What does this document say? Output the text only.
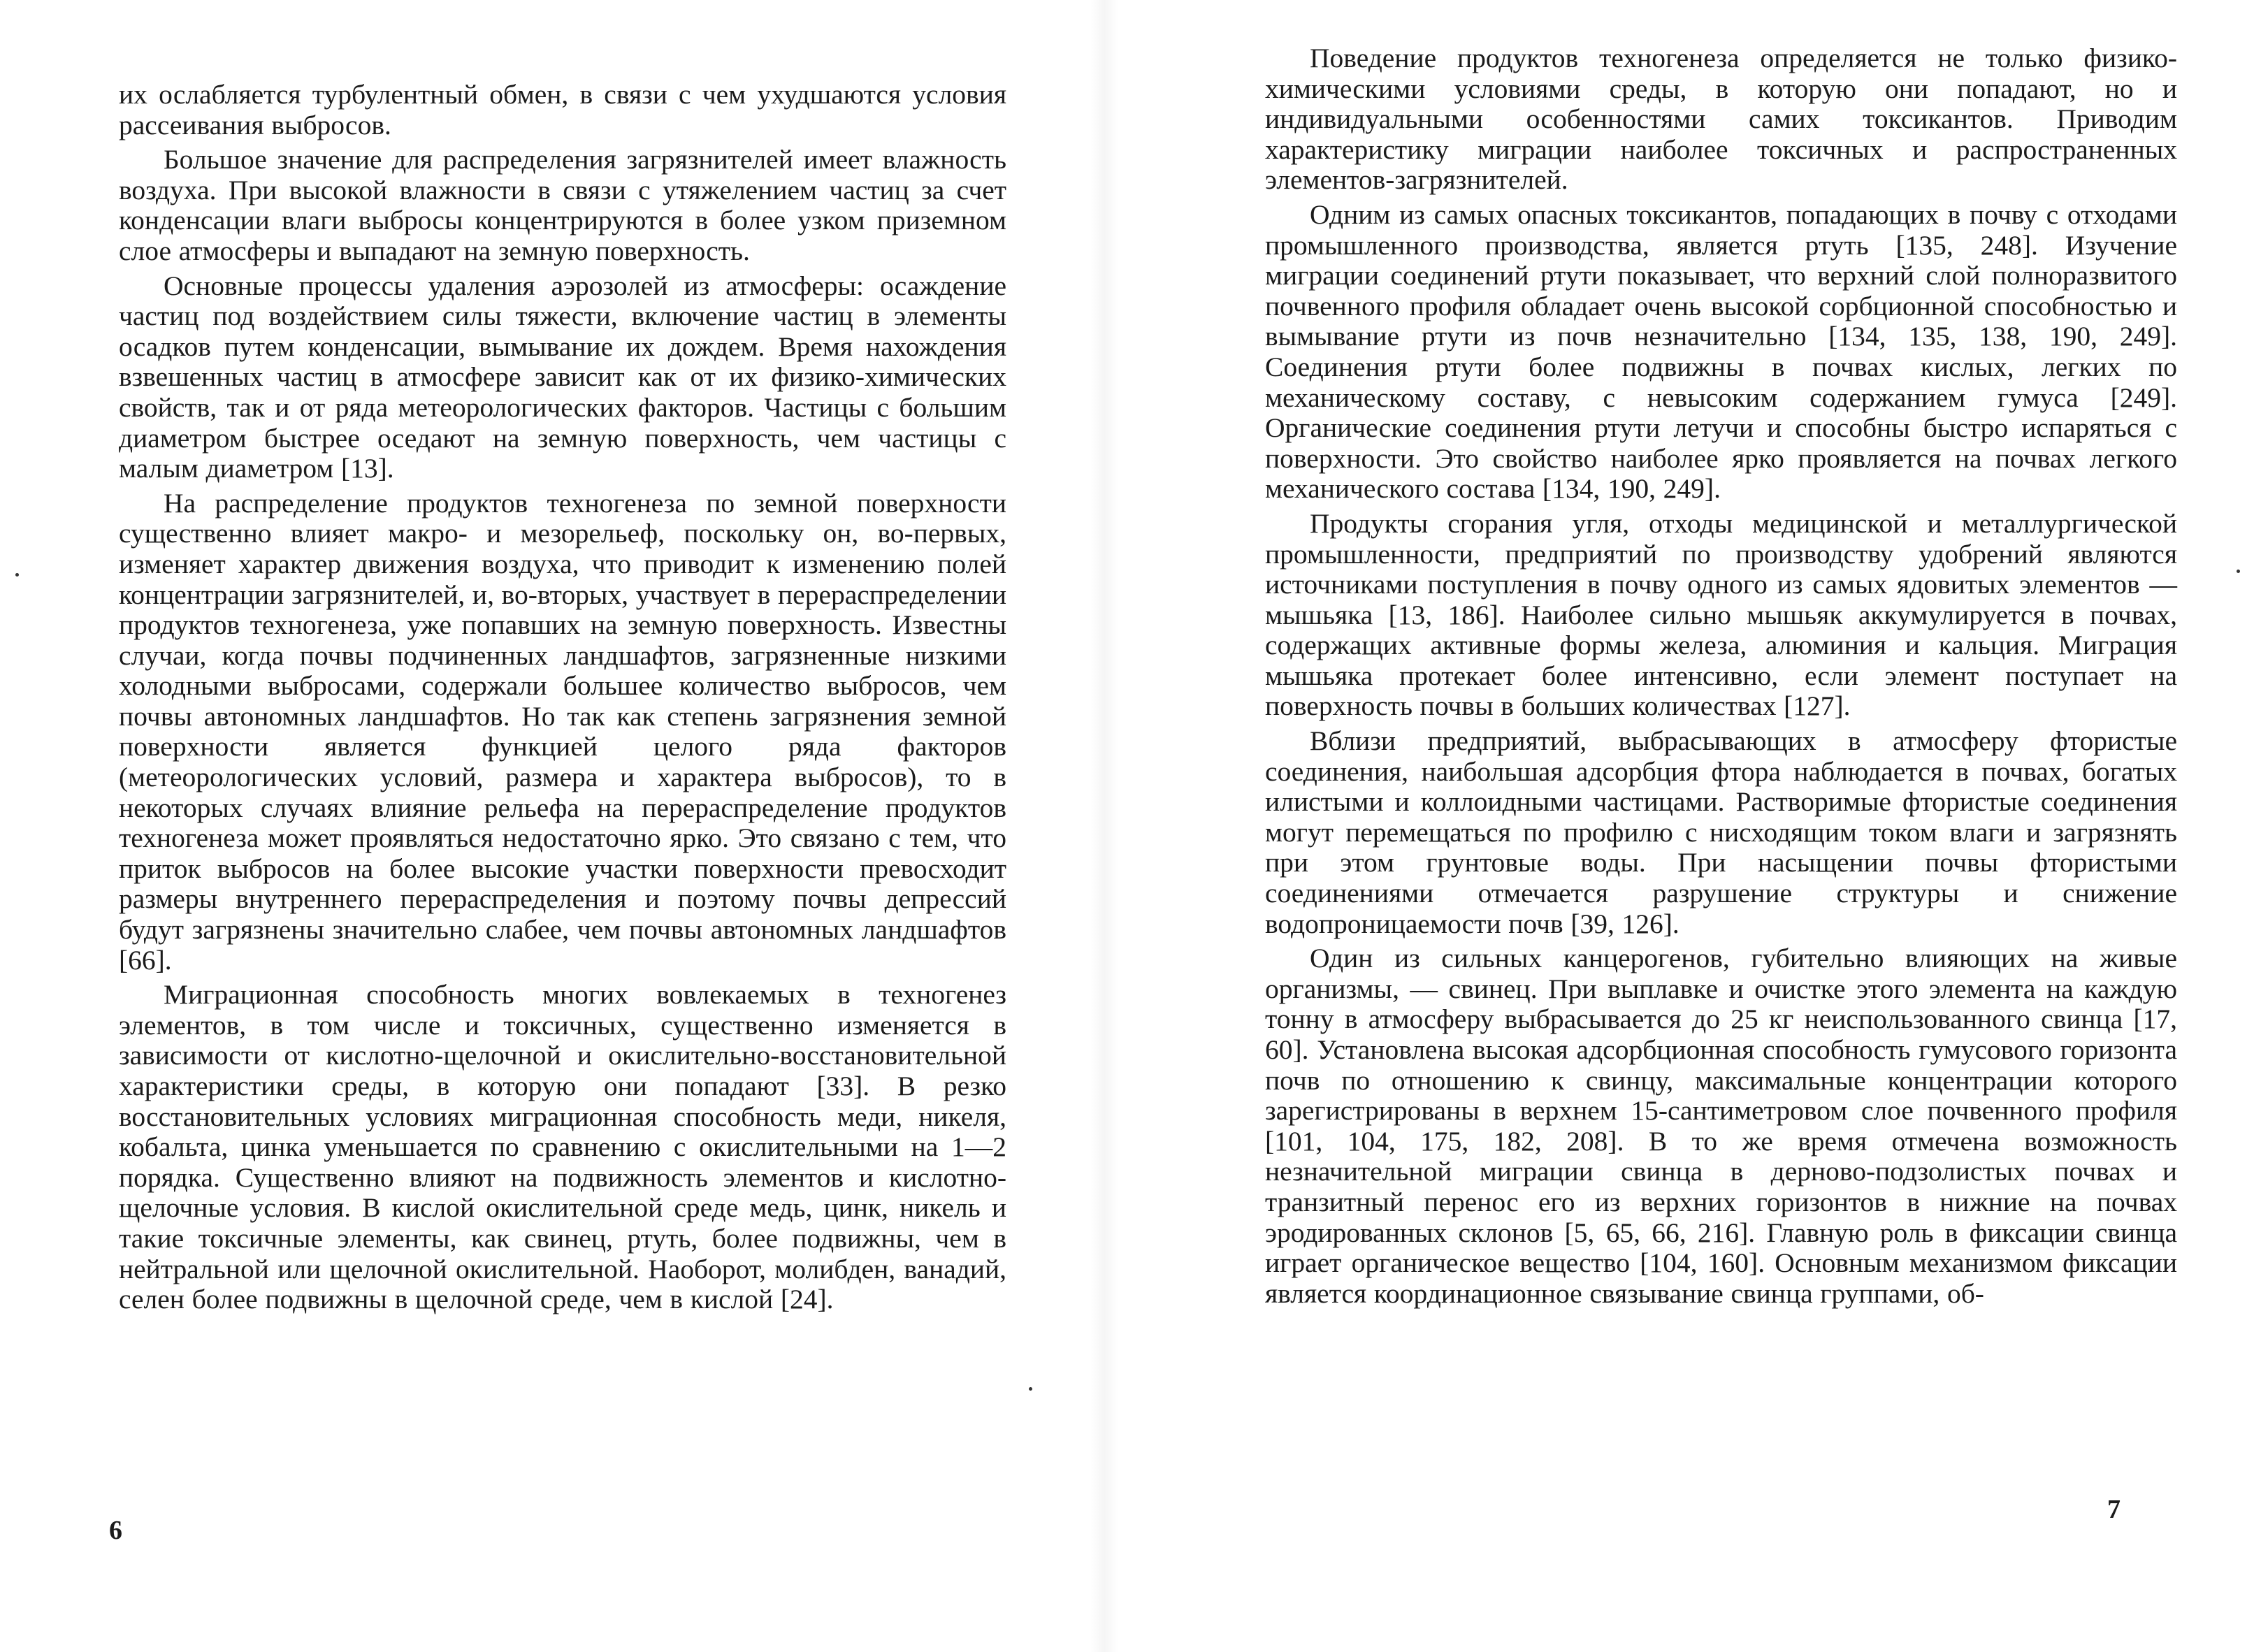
их ослабляется турбулентный обмен, в связи с чем ухудшаются условия рассеивания выбросов.

Большое значение для распределения загрязнителей имеет влажность воздуха. При высокой влажности в связи с утяжелением частиц за счет конденсации влаги выбросы концентрируются в более узком приземном слое атмосферы и выпадают на земную поверхность.

Основные процессы удаления аэрозолей из атмосферы: осаждение частиц под воздействием силы тяжести, включение частиц в элементы осадков путем конденсации, вымывание их дождем. Время нахождения взвешенных частиц в атмосфере зависит как от их физико-химических свойств, так и от ряда метеорологических факторов. Частицы с большим диаметром быстрее оседают на земную поверхность, чем частицы с малым диаметром [13].

На распределение продуктов техногенеза по земной поверхности существенно влияет макро- и мезорельеф, поскольку он, во-первых, изменяет характер движения воздуха, что приводит к изменению полей концентрации загрязнителей, и, во-вторых, участвует в перераспределении продуктов техногенеза, уже попавших на земную поверхность. Известны случаи, когда почвы подчиненных ландшафтов, загрязненные низкими холодными выбросами, содержали большее количество выбросов, чем почвы автономных ландшафтов. Но так как степень загрязнения земной поверхности является функцией целого ряда факторов (метеорологических условий, размера и характера выбросов), то в некоторых случаях влияние рельефа на перераспределение продуктов техногенеза может проявляться недостаточно ярко. Это связано с тем, что приток выбросов на более высокие участки поверхности превосходит размеры внутреннего перераспределения и поэтому почвы депрессий будут загрязнены значительно слабее, чем почвы автономных ландшафтов [66].

Миграционная способность многих вовлекаемых в техногенез элементов, в том числе и токсичных, существенно изменяется в зависимости от кислотно-щелочной и окислительно-восстановительной характеристики среды, в которую они попадают [33]. В резко восстановительных условиях миграционная способность меди, никеля, кобальта, цинка уменьшается по сравнению с окислительными на 1—2 порядка. Существенно влияют на подвижность элементов и кислотно-щелочные условия. В кислой окислительной среде медь, цинк, никель и такие токсичные элементы, как свинец, ртуть, более подвижны, чем в нейтральной или щелочной окислительной. Наоборот, молибден, ванадий, селен более подвижны в щелочной среде, чем в кислой [24].

6

Поведение продуктов техногенеза определяется не только физико-химическими условиями среды, в которую они попадают, но и индивидуальными особенностями самих токсикантов. Приводим характеристику миграции наиболее токсичных и распространенных элементов-загрязнителей.

Одним из самых опасных токсикантов, попадающих в почву с отходами промышленного производства, является ртуть [135, 248]. Изучение миграции соединений ртути показывает, что верхний слой полноразвитого почвенного профиля обладает очень высокой сорбционной способностью и вымывание ртути из почв незначительно [134, 135, 138, 190, 249]. Соединения ртути более подвижны в почвах кислых, легких по механическому составу, с невысоким содержанием гумуса [249]. Органические соединения ртути летучи и способны быстро испаряться с поверхности. Это свойство наиболее ярко проявляется на почвах легкого механического состава [134, 190, 249].

Продукты сгорания угля, отходы медицинской и металлургической промышленности, предприятий по производству удобрений являются источниками поступления в почву одного из самых ядовитых элементов — мышьяка [13, 186]. Наиболее сильно мышьяк аккумулируется в почвах, содержащих активные формы железа, алюминия и кальция. Миграция мышьяка протекает более интенсивно, если элемент поступает на поверхность почвы в больших количествах [127].

Вблизи предприятий, выбрасывающих в атмосферу фтористые соединения, наибольшая адсорбция фтора наблюдается в почвах, богатых илистыми и коллоидными частицами. Растворимые фтористые соединения могут перемещаться по профилю с нисходящим током влаги и загрязнять при этом грунтовые воды. При насыщении почвы фтористыми соединениями отмечается разрушение структуры и снижение водопроницаемости почв [39, 126].

Один из сильных канцерогенов, губительно влияющих на живые организмы, — свинец. При выплавке и очистке этого элемента на каждую тонну в атмосферу выбрасывается до 25 кг неиспользованного свинца [17, 60]. Установлена высокая адсорбционная способность гумусового горизонта почв по отношению к свинцу, максимальные концентрации которого зарегистрированы в верхнем 15-сантиметровом слое почвенного профиля [101, 104, 175, 182, 208]. В то же время отмечена возможность незначительной миграции свинца в дерново-подзолистых почвах и транзитный перенос его из верхних горизонтов в нижние на почвах эродированных склонов [5, 65, 66, 216]. Главную роль в фиксации свинца играет органическое вещество [104, 160]. Основным механизмом фиксации является координационное связывание свинца группами, об-

7
